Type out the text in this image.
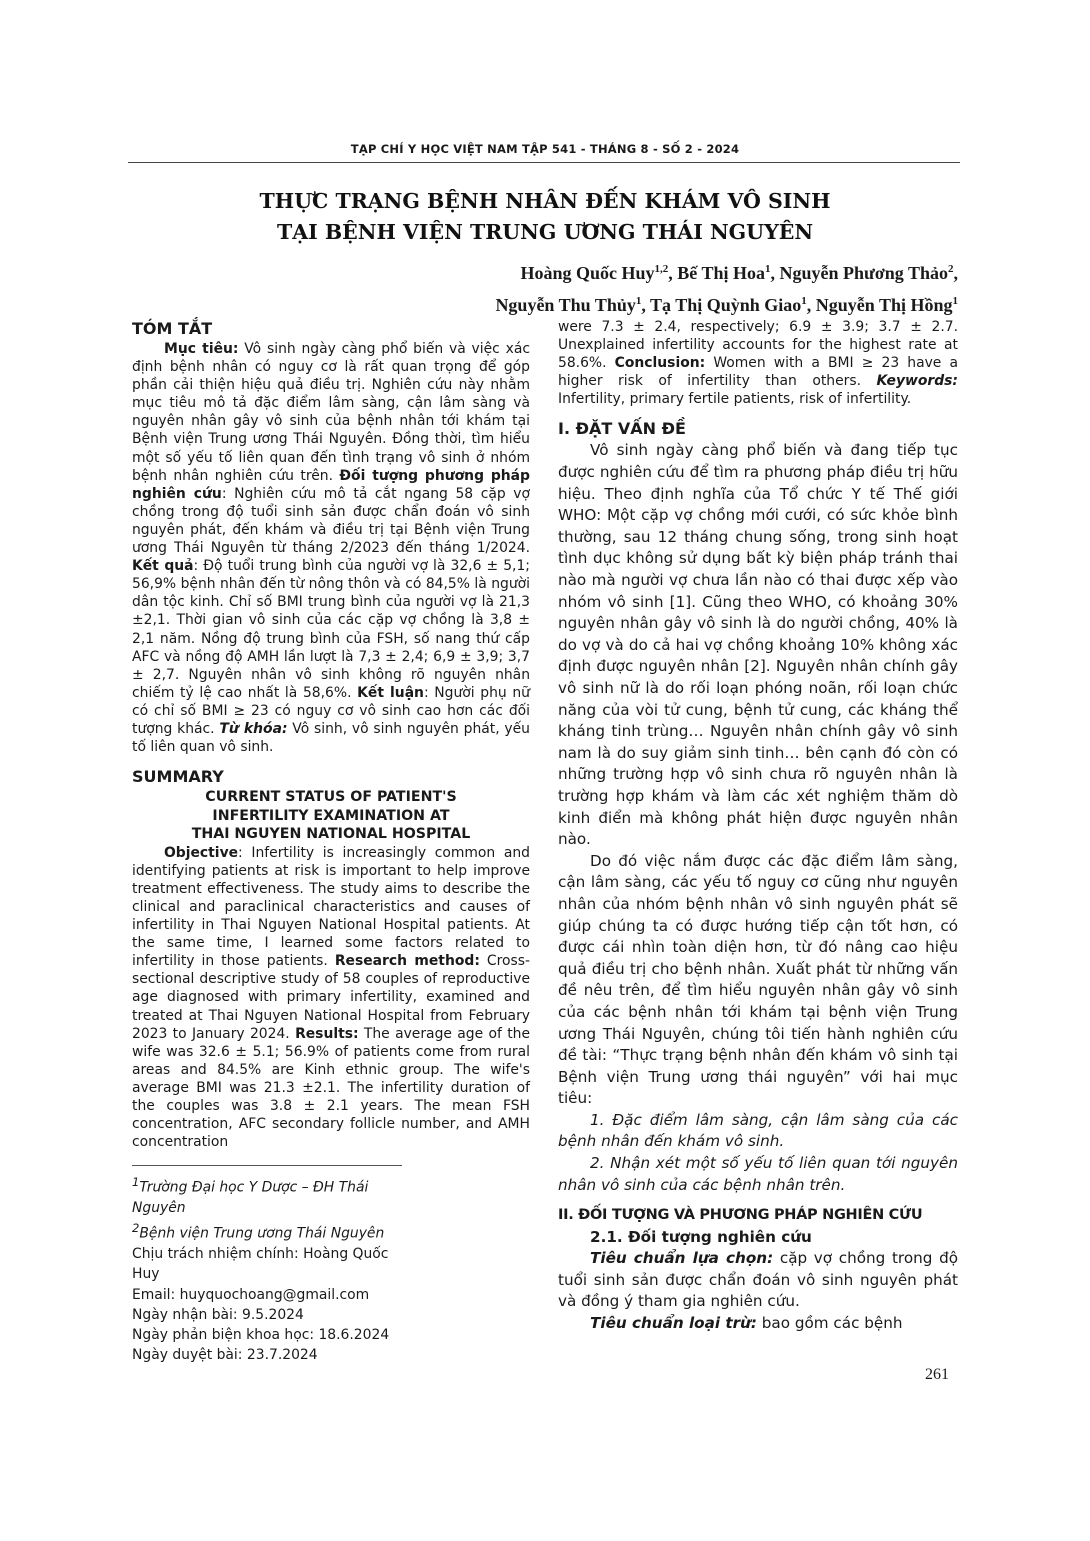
TẠP CHÍ Y HỌC VIỆT NAM TẬP 541 - THÁNG 8 - SỐ 2 - 2024
THỰC TRẠNG BỆNH NHÂN ĐẾN KHÁM VÔ SINH
TẠI BỆNH VIỆN TRUNG ƯƠNG THÁI NGUYÊN
Hoàng Quốc Huy$^{1,2}$, Bế Thị Hoa$^1$, Nguyễn Phương Thảo$^2$,
Nguyễn Thu Thủy$^1$, Tạ Thị Quỳnh Giao$^1$, Nguyễn Thị Hồng$^1$
TÓM TẮT

Mục tiêu: Vô sinh ngày càng phổ biến và việc xác định bệnh nhân có nguy cơ là rất quan trọng để góp phần cải thiện hiệu quả điều trị. Nghiên cứu này nhằm mục tiêu mô tả đặc điểm lâm sàng, cận lâm sàng và nguyên nhân gây vô sinh của bệnh nhân tới khám tại Bệnh viện Trung ương Thái Nguyên. Đồng thời, tìm hiểu một số yếu tố liên quan đến tình trạng vô sinh ở nhóm bệnh nhân nghiên cứu trên. Đối tượng phương pháp nghiên cứu: Nghiên cứu mô tả cắt ngang 58 cặp vợ chồng trong độ tuổi sinh sản được chẩn đoán vô sinh nguyên phát, đến khám và điều trị tại Bệnh viện Trung ương Thái Nguyên từ tháng 2/2023 đến tháng 1/2024. Kết quả: Độ tuổi trung bình của người vợ là 32,6 ± 5,1; 56,9% bệnh nhân đến từ nông thôn và có 84,5% là người dân tộc kinh. Chỉ số BMI trung bình của người vợ là 21,3 ±2,1. Thời gian vô sinh của các cặp vợ chồng là 3,8 ± 2,1 năm. Nồng độ trung bình của FSH, số nang thứ cấp AFC và nồng độ AMH lần lượt là 7,3 ± 2,4; 6,9 ± 3,9; 3,7 ± 2,7. Nguyên nhân vô sinh không rõ nguyên nhân chiếm tỷ lệ cao nhất là 58,6%. Kết luận: Người phụ nữ có chỉ số BMI ≥ 23 có nguy cơ vô sinh cao hơn các đối tượng khác. Từ khóa: Vô sinh, vô sinh nguyên phát, yếu tố liên quan vô sinh.

SUMMARY
CURRENT STATUS OF PATIENT'S
INFERTILITY EXAMINATION AT
THAI NGUYEN NATIONAL HOSPITAL

Objective: Infertility is increasingly common and identifying patients at risk is important to help improve treatment effectiveness. The study aims to describe the clinical and paraclinical characteristics and causes of infertility in Thai Nguyen National Hospital patients. At the same time, I learned some factors related to infertility in those patients. Research method: Cross-sectional descriptive study of 58 couples of reproductive age diagnosed with primary infertility, examined and treated at Thai Nguyen National Hospital from February 2023 to January 2024. Results: The average age of the wife was 32.6 ± 5.1; 56.9% of patients come from rural areas and 84.5% are Kinh ethnic group. The wife's average BMI was 21.3 ±2.1. The infertility duration of the couples was 3.8 ± 2.1 years. The mean FSH concentration, AFC secondary follicle number, and AMH concentration

$^1$Trường Đại học Y Dược – ĐH Thái Nguyên
$^2$Bệnh viện Trung ương Thái Nguyên
Chịu trách nhiệm chính: Hoàng Quốc Huy
Email: huyquochoang@gmail.com
Ngày nhận bài: 9.5.2024
Ngày phản biện khoa học: 18.6.2024
Ngày duyệt bài: 23.7.2024

were 7.3 ± 2.4, respectively; 6.9 ± 3.9; 3.7 ± 2.7. Unexplained infertility accounts for the highest rate at 58.6%. Conclusion: Women with a BMI ≥ 23 have a higher risk of infertility than others. Keywords: Infertility, primary fertile patients, risk of infertility.

I. ĐẶT VẤN ĐỀ

Vô sinh ngày càng phổ biến và đang tiếp tục được nghiên cứu để tìm ra phương pháp điều trị hữu hiệu. Theo định nghĩa của Tổ chức Y tế Thế giới WHO: Một cặp vợ chồng mới cưới, có sức khỏe bình thường, sau 12 tháng chung sống, trong sinh hoạt tình dục không sử dụng bất kỳ biện pháp tránh thai nào mà người vợ chưa lần nào có thai được xếp vào nhóm vô sinh [1]. Cũng theo WHO, có khoảng 30% nguyên nhân gây vô sinh là do người chồng, 40% là do vợ và do cả hai vợ chồng khoảng 10% không xác định được nguyên nhân [2]. Nguyên nhân chính gây vô sinh nữ là do rối loạn phóng noãn, rối loạn chức năng của vòi tử cung, bệnh tử cung, các kháng thể kháng tinh trùng… Nguyên nhân chính gây vô sinh nam là do suy giảm sinh tinh… bên cạnh đó còn có những trường hợp vô sinh chưa rõ nguyên nhân là trường hợp khám và làm các xét nghiệm thăm dò kinh điển mà không phát hiện được nguyên nhân nào.

Do đó việc nắm được các đặc điểm lâm sàng, cận lâm sàng, các yếu tố nguy cơ cũng như nguyên nhân của nhóm bệnh nhân vô sinh nguyên phát sẽ giúp chúng ta có được hướng tiếp cận tốt hơn, có được cái nhìn toàn diện hơn, từ đó nâng cao hiệu quả điều trị cho bệnh nhân. Xuất phát từ những vấn đề nêu trên, để tìm hiểu nguyên nhân gây vô sinh của các bệnh nhân tới khám tại bệnh viện Trung ương Thái Nguyên, chúng tôi tiến hành nghiên cứu đề tài: “Thực trạng bệnh nhân đến khám vô sinh tại Bệnh viện Trung ương thái nguyên” với hai mục tiêu:

1. Đặc điểm lâm sàng, cận lâm sàng của các bệnh nhân đến khám vô sinh.

2. Nhận xét một số yếu tố liên quan tới nguyên nhân vô sinh của các bệnh nhân trên.

II. ĐỐI TƯỢNG VÀ PHƯƠNG PHÁP NGHIÊN CỨU
2.1. Đối tượng nghiên cứu

Tiêu chuẩn lựa chọn: cặp vợ chồng trong độ tuổi sinh sản được chẩn đoán vô sinh nguyên phát và đồng ý tham gia nghiên cứu.

Tiêu chuẩn loại trừ: bao gồm các bệnh

261
